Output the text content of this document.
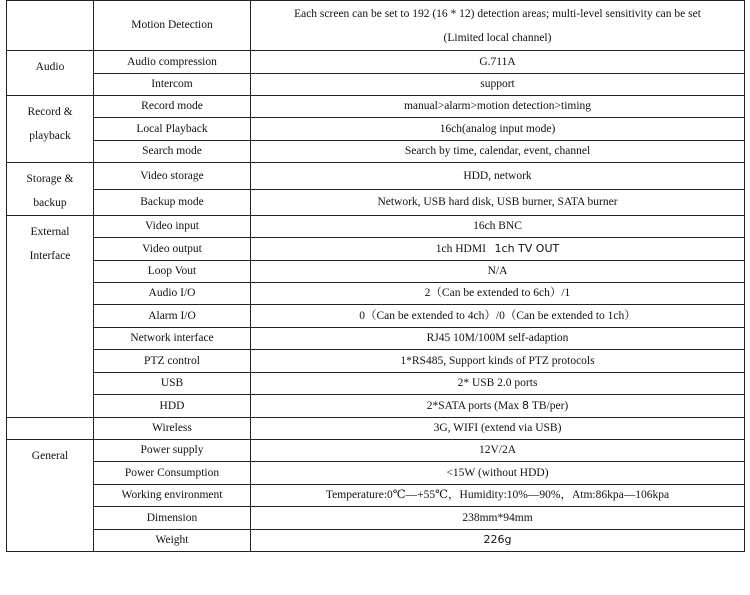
	Motion Detection	Each screen can be set to 192 (16 * 12) detection areas; multi-level sensitivity can be set
(Limited local channel)

Audio	Audio compression	G.711A
	Intercom	support

Record &
playback	Record mode	manual>alarm>motion detection>timing
	Local Playback	16ch(analog input mode)
	Search mode	Search by time, calendar, event, channel

Storage &
backup	Video storage	HDD, network
	Backup mode	Network, USB hard disk, USB burner, SATA burner

External
Interface	Video input	16ch BNC
	Video output	1ch HDMI 1ch TV OUT
	Loop Vout	N/A
	Audio I/O	2（Can be extended to 6ch）/1
	Alarm I/O	0（Can be extended to 4ch）/0（Can be extended to 1ch）
	Network interface	RJ45 10M/100M self-adaption
	PTZ control	1*RS485, Support kinds of PTZ protocols
	USB	2* USB 2.0 ports
	HDD	2*SATA ports (Max 8 TB/per)
	Wireless	3G, WIFI (extend via USB)

General	Power supply	12V/2A
	Power Consumption	<15W (without HDD)
	Working environment	Temperature:0℃—+55℃，Humidity:10%—90%，Atm:86kpa—106kpa
	Dimension	238mm*94mm
	Weight	226g
